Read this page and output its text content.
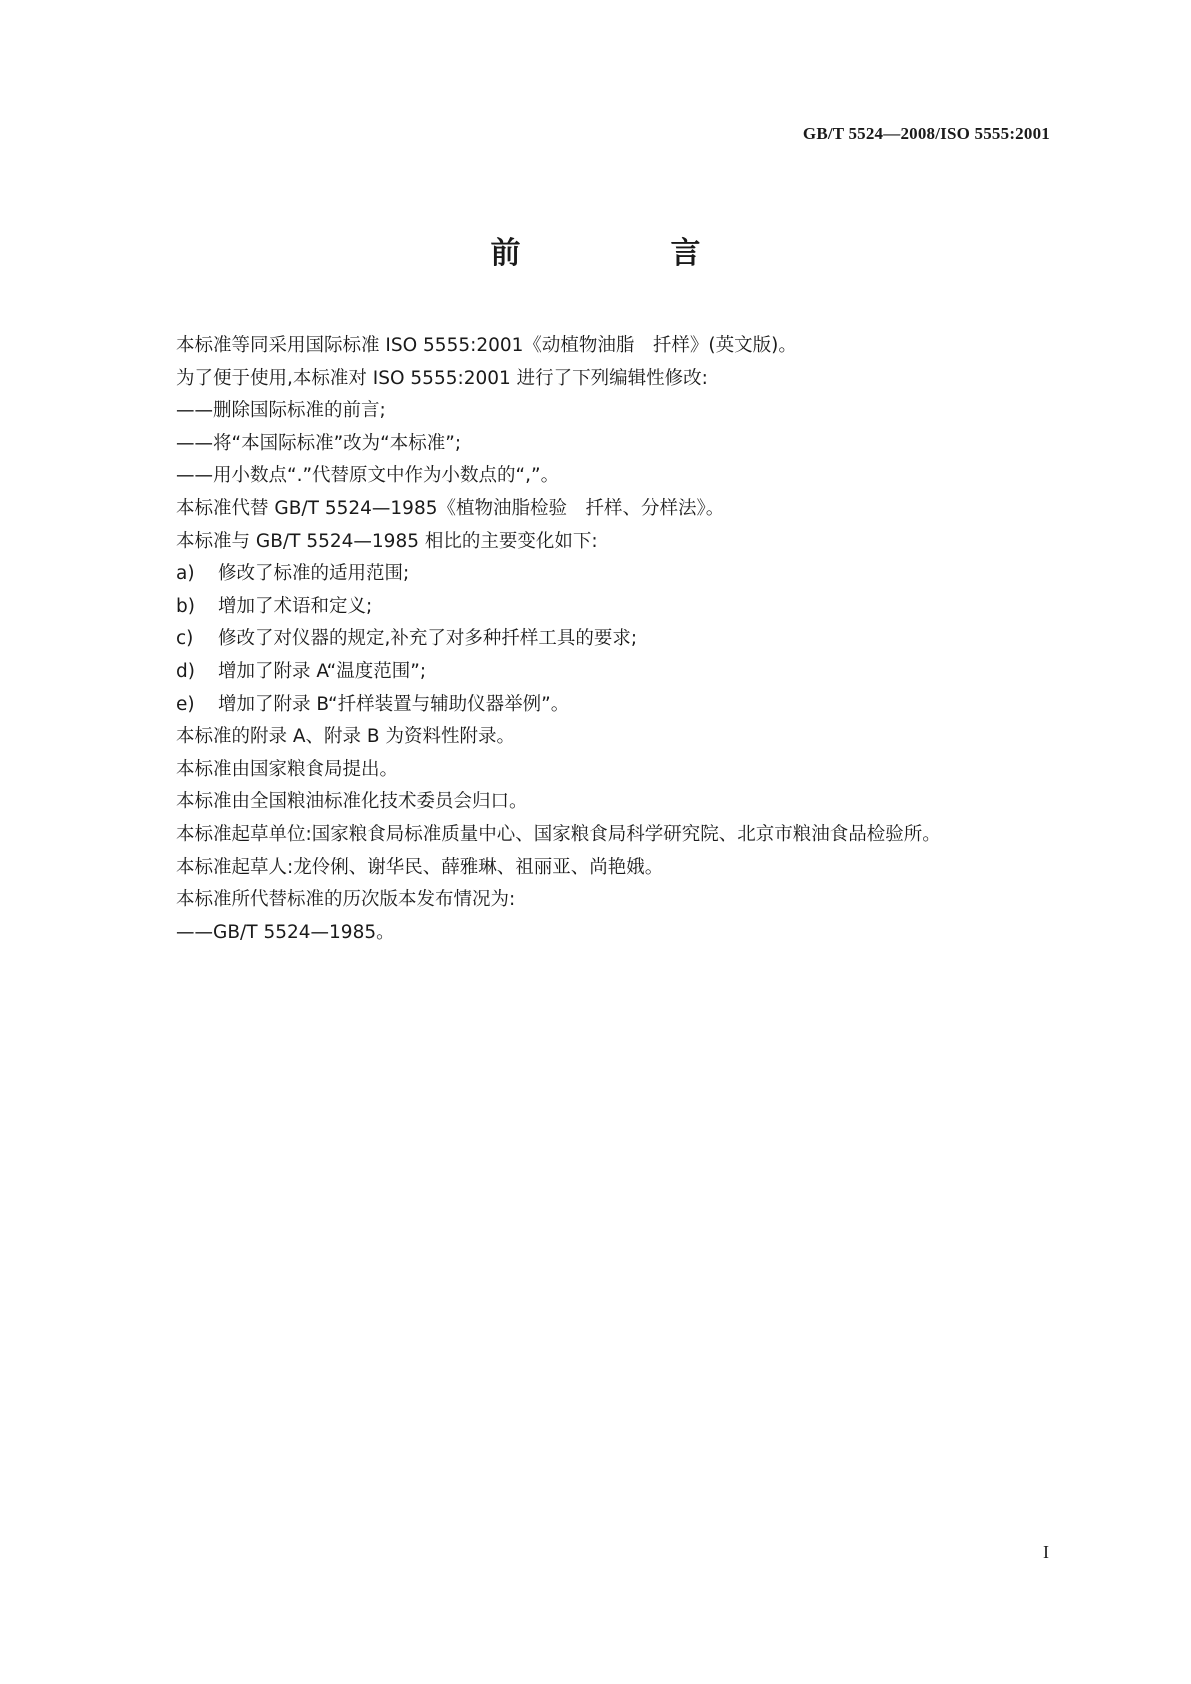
GB/T 5524—2008/ISO 5555:2001
前　言
本标准等同采用国际标准 ISO 5555:2001《动植物油脂　扦样》(英文版)。
为了便于使用,本标准对 ISO 5555:2001 进行了下列编辑性修改:
——删除国际标准的前言;
——将“本国际标准”改为“本标准”;
——用小数点“.”代替原文中作为小数点的“,”。
本标准代替 GB/T 5524—1985《植物油脂检验　扦样、分样法》。
本标准与 GB/T 5524—1985 相比的主要变化如下:
a) 修改了标准的适用范围;
b) 增加了术语和定义;
c) 修改了对仪器的规定,补充了对多种扦样工具的要求;
d) 增加了附录 A“温度范围”;
e) 增加了附录 B“扦样装置与辅助仪器举例”。
本标准的附录 A、附录 B 为资料性附录。
本标准由国家粮食局提出。
本标准由全国粮油标准化技术委员会归口。
本标准起草单位:国家粮食局标准质量中心、国家粮食局科学研究院、北京市粮油食品检验所。
本标准起草人:龙伶俐、谢华民、薛雅琳、祖丽亚、尚艳娥。
本标准所代替标准的历次版本发布情况为:
——GB/T 5524—1985。
I
